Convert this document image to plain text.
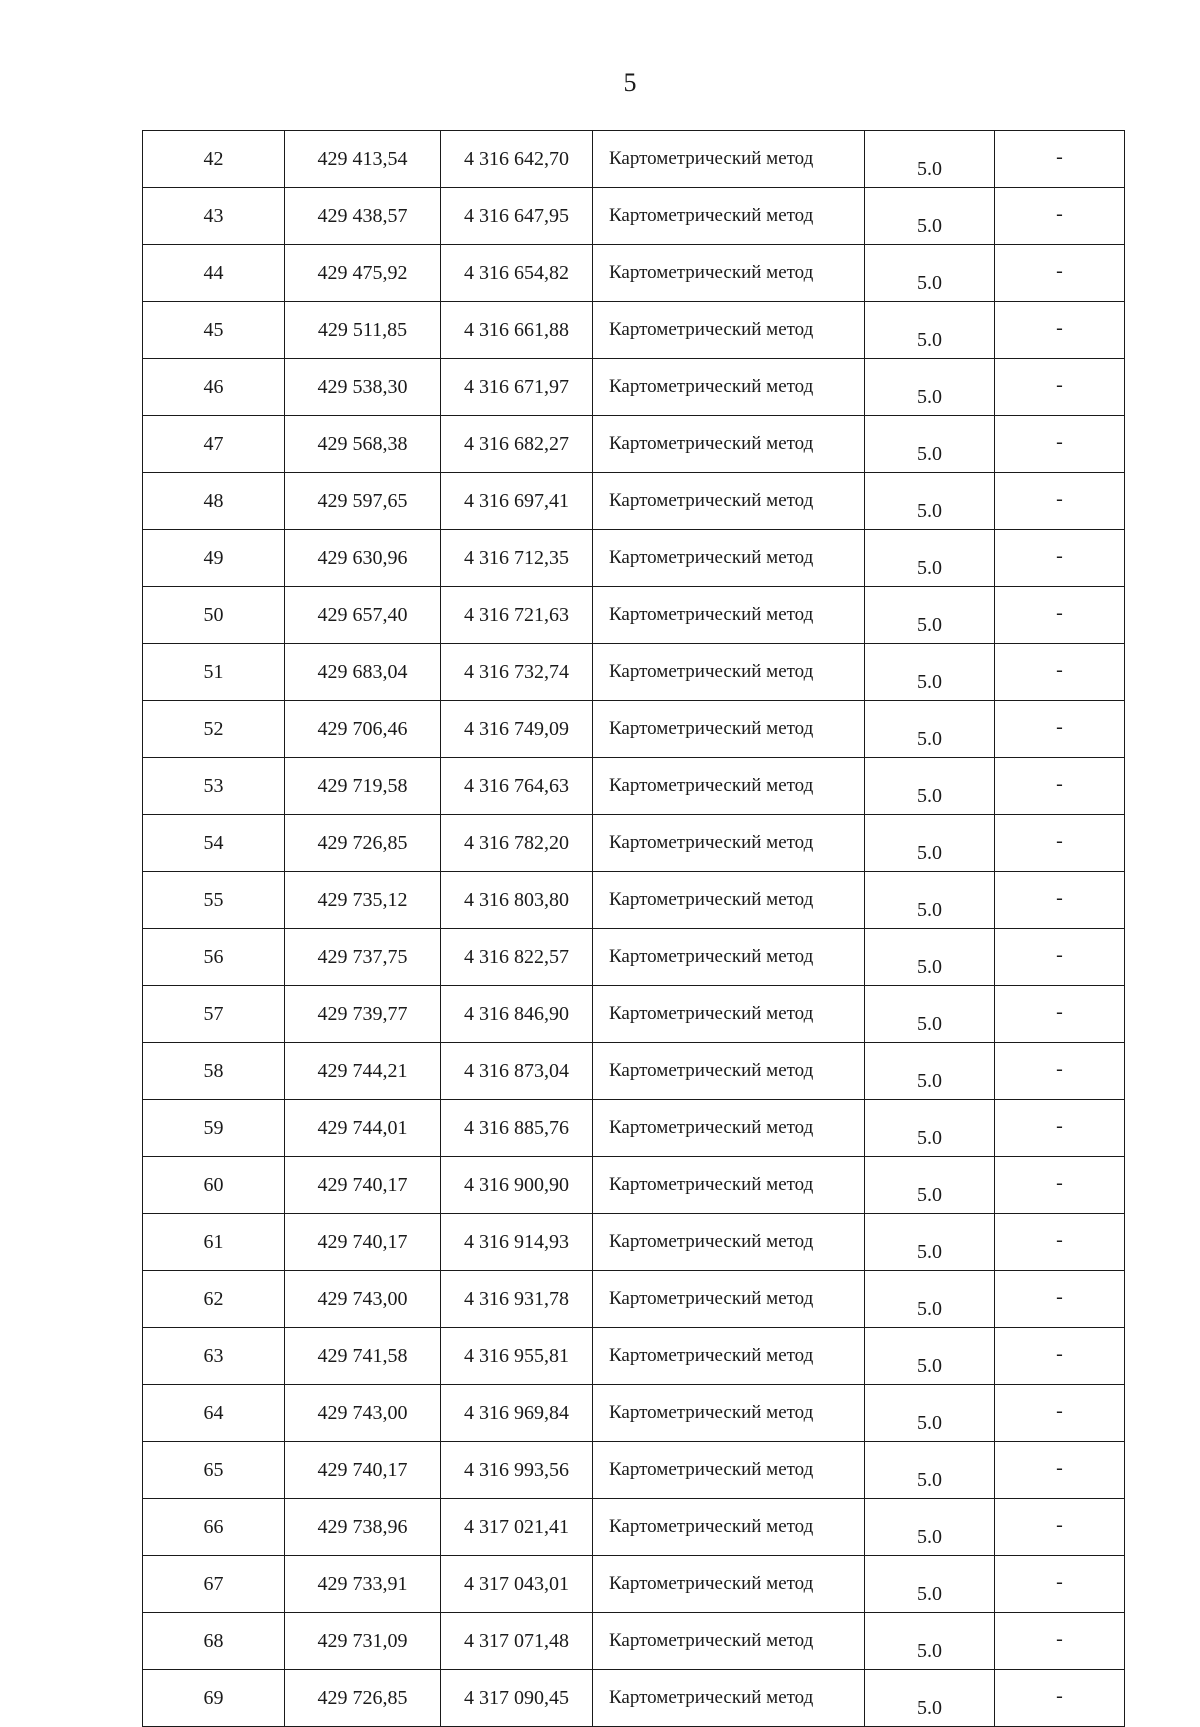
5
42	429 413,54	4 316 642,70	Картометрический метод	5.0	-
43	429 438,57	4 316 647,95	Картометрический метод	5.0	-
44	429 475,92	4 316 654,82	Картометрический метод	5.0	-
45	429 511,85	4 316 661,88	Картометрический метод	5.0	-
46	429 538,30	4 316 671,97	Картометрический метод	5.0	-
47	429 568,38	4 316 682,27	Картометрический метод	5.0	-
48	429 597,65	4 316 697,41	Картометрический метод	5.0	-
49	429 630,96	4 316 712,35	Картометрический метод	5.0	-
50	429 657,40	4 316 721,63	Картометрический метод	5.0	-
51	429 683,04	4 316 732,74	Картометрический метод	5.0	-
52	429 706,46	4 316 749,09	Картометрический метод	5.0	-
53	429 719,58	4 316 764,63	Картометрический метод	5.0	-
54	429 726,85	4 316 782,20	Картометрический метод	5.0	-
55	429 735,12	4 316 803,80	Картометрический метод	5.0	-
56	429 737,75	4 316 822,57	Картометрический метод	5.0	-
57	429 739,77	4 316 846,90	Картометрический метод	5.0	-
58	429 744,21	4 316 873,04	Картометрический метод	5.0	-
59	429 744,01	4 316 885,76	Картометрический метод	5.0	-
60	429 740,17	4 316 900,90	Картометрический метод	5.0	-
61	429 740,17	4 316 914,93	Картометрический метод	5.0	-
62	429 743,00	4 316 931,78	Картометрический метод	5.0	-
63	429 741,58	4 316 955,81	Картометрический метод	5.0	-
64	429 743,00	4 316 969,84	Картометрический метод	5.0	-
65	429 740,17	4 316 993,56	Картометрический метод	5.0	-
66	429 738,96	4 317 021,41	Картометрический метод	5.0	-
67	429 733,91	4 317 043,01	Картометрический метод	5.0	-
68	429 731,09	4 317 071,48	Картометрический метод	5.0	-
69	429 726,85	4 317 090,45	Картометрический метод	5.0	-
